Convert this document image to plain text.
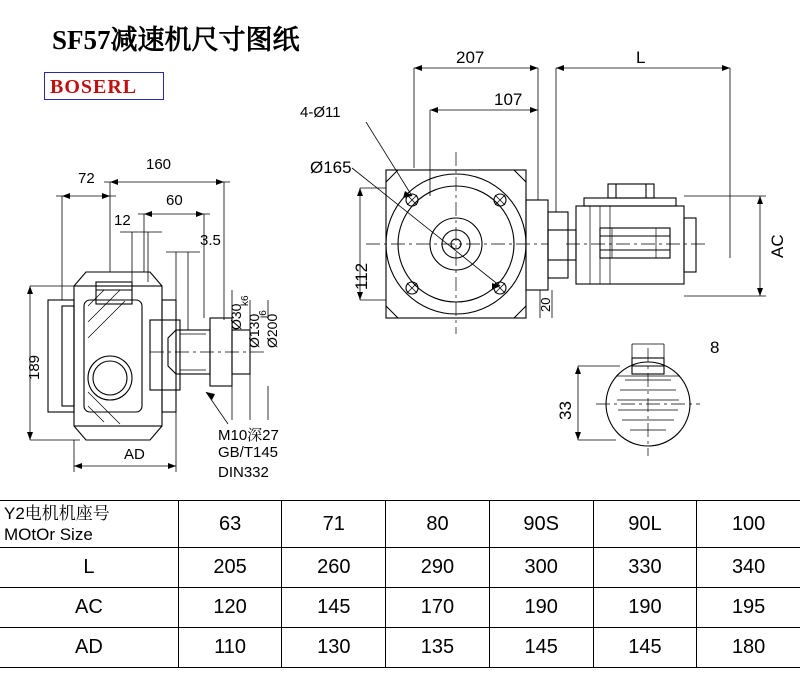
SF57减速机尺寸图纸
BOSERL
72
160
60
12
3.5
189
AD
Ø30
k6
Ø130
j6
Ø200
M10深27
GB/T145
DIN332
207	L
4-Ø11
107
Ø165
112
20
AC
8
33
Y2电机机座号
MOtOr Size	63	71	80	90S	90L	100
L	205	260	290	300	330	340
AC	120	145	170	190	190	195
AD	110	130	135	145	145	180
